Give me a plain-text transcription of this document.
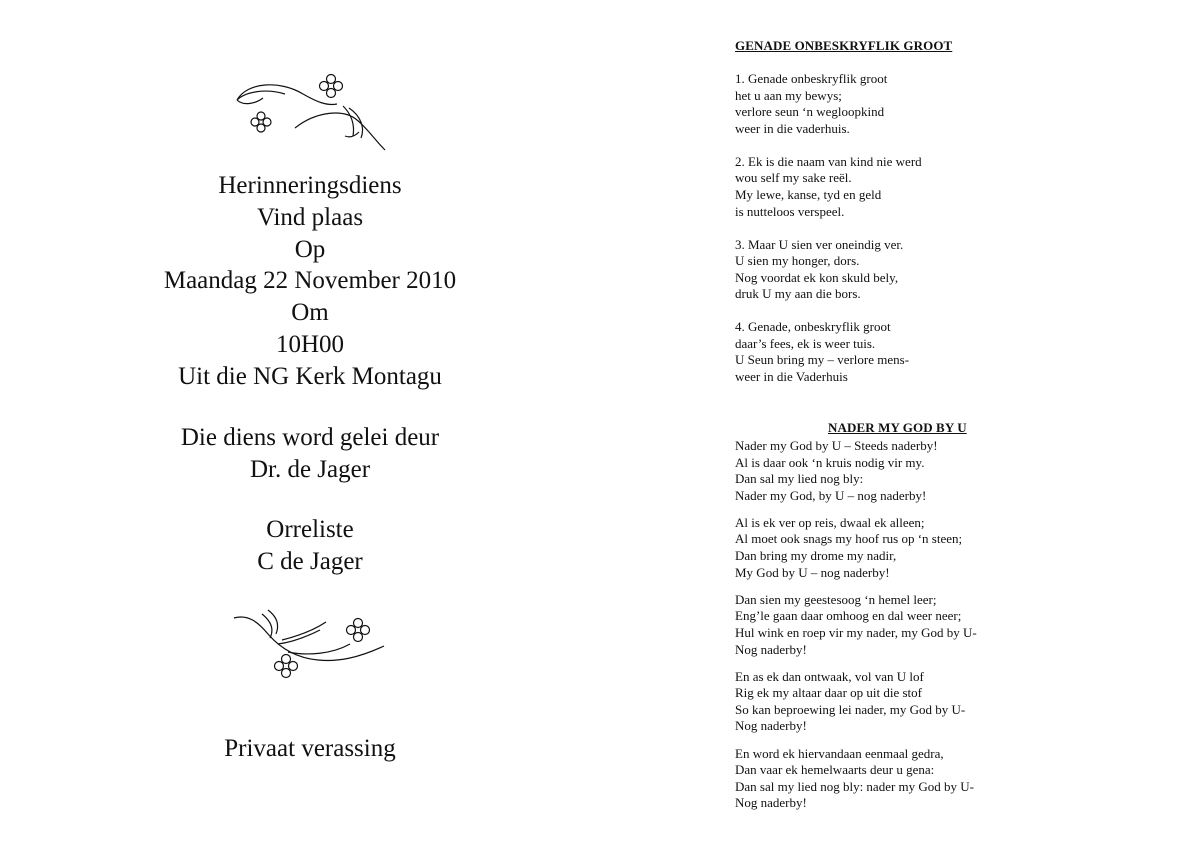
Herinneringsdiens
Vind plaas
Op
Maandag 22 November 2010
Om
10H00
Uit die NG Kerk Montagu
Die diens word gelei deur
Dr. de Jager
Orreliste
C de Jager
Privaat verassing
GENADE ONBESKRYFLIK GROOT
1. Genade onbeskryflik groot
het u aan my bewys;
verlore seun ‘n wegloopkind
weer in die vaderhuis.
2. Ek is die naam van kind nie werd
wou self my sake reël.
My lewe, kanse, tyd en geld
is nutteloos verspeel.
3. Maar U sien ver oneindig ver.
U sien my honger, dors.
Nog voordat ek kon skuld bely,
druk U my aan die bors.
4. Genade, onbeskryflik groot
daar’s fees, ek is weer tuis.
U Seun bring my – verlore mens-
weer in die Vaderhuis
NADER MY GOD BY U
Nader my God by U – Steeds naderby!
Al is daar ook ‘n kruis nodig vir my.
Dan sal my lied nog bly:
Nader my God, by U – nog naderby!
Al is ek ver op reis, dwaal ek alleen;
Al moet ook snags my hoof rus op ‘n steen;
Dan bring my drome my nadir,
My God by U – nog naderby!
Dan sien my geestesoog ‘n hemel leer;
Eng’le gaan daar omhoog en dal weer neer;
Hul wink en roep vir my nader, my God by U-
Nog naderby!
En as ek dan ontwaak, vol van U lof
Rig ek my altaar daar op uit die stof
So kan beproewing lei nader, my God by U-
Nog naderby!
En word ek hiervandaan eenmaal gedra,
Dan vaar ek hemelwaarts deur u gena:
Dan sal my lied nog bly: nader my God by U-
Nog naderby!
